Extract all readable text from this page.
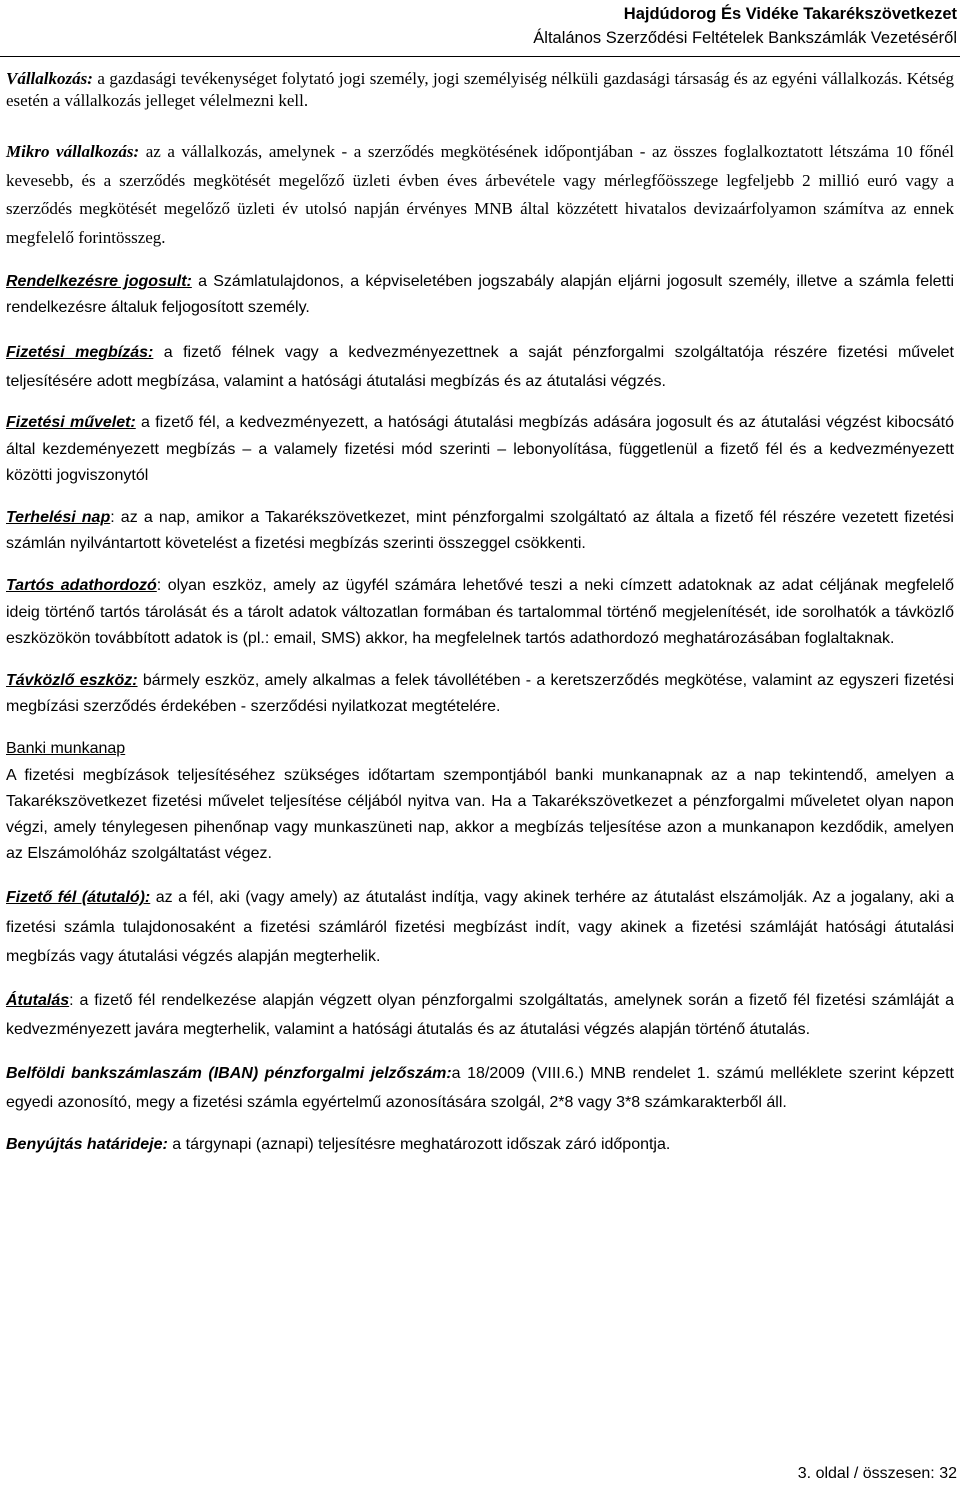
Hajdúdorog És Vidéke Takarékszövetkezet
Általános Szerződési Feltételek Bankszámlák Vezetéséről

Vállalkozás: a gazdasági tevékenységet folytató jogi személy, jogi személyiség nélküli gazdasági társaság és az egyéni vállalkozás. Kétség esetén a vállalkozás jelleget vélelmezni kell.

Mikro vállalkozás: az a vállalkozás, amelynek - a szerződés megkötésének időpontjában - az összes foglalkoztatott létszáma 10 főnél kevesebb, és a szerződés megkötését megelőző üzleti évben éves árbevétele vagy mérlegfőösszege legfeljebb 2 millió euró vagy a szerződés megkötését megelőző üzleti év utolsó napján érvényes MNB által közzétett hivatalos devizaárfolyamon számítva az ennek megfelelő forintösszeg.

Rendelkezésre jogosult: a Számlatulajdonos, a képviseletében jogszabály alapján eljárni jogosult személy, illetve a számla feletti rendelkezésre általuk feljogosított személy.

Fizetési megbízás: a fizető félnek vagy a kedvezményezettnek a saját pénzforgalmi szolgáltatója részére fizetési művelet teljesítésére adott megbízása, valamint a hatósági átutalási megbízás és az átutalási végzés.

Fizetési művelet: a fizető fél, a kedvezményezett, a hatósági átutalási megbízás adására jogosult és az átutalási végzést kibocsátó által kezdeményezett megbízás – a valamely fizetési mód szerinti – lebonyolítása, függetlenül a fizető fél és a kedvezményezett közötti jogviszonytól

Terhelési nap: az a nap, amikor a Takarékszövetkezet, mint pénzforgalmi szolgáltató az általa a fizető fél részére vezetett fizetési számlán nyilvántartott követelést a fizetési megbízás szerinti összeggel csökkenti.

Tartós adathordozó: olyan eszköz, amely az ügyfél számára lehetővé teszi a neki címzett adatoknak az adat céljának megfelelő ideig történő tartós tárolását és a tárolt adatok változatlan formában és tartalommal történő megjelenítését, ide sorolhatók a távközlő eszközökön továbbított adatok is (pl.: email, SMS) akkor, ha megfelelnek tartós adathordozó meghatározásában foglaltaknak.

Távközlő eszköz: bármely eszköz, amely alkalmas a felek távollétében - a keretszerződés megkötése, valamint az egyszeri fizetési megbízási szerződés érdekében - szerződési nyilatkozat megtételére.

Banki munkanap

A fizetési megbízások teljesítéséhez szükséges időtartam szempontjából banki munkanapnak az a nap tekintendő, amelyen a Takarékszövetkezet fizetési művelet teljesítése céljából nyitva van. Ha a Takarékszövetkezet a pénzforgalmi műveletet olyan napon végzi, amely ténylegesen pihenőnap vagy munkaszüneti nap, akkor a megbízás teljesítése azon a munkanapon kezdődik, amelyen az Elszámolóház szolgáltatást végez.

Fizető fél (átutaló): az a fél, aki (vagy amely) az átutalást indítja, vagy akinek terhére az átutalást elszámolják. Az a jogalany, aki a fizetési számla tulajdonosaként a fizetési számláról fizetési megbízást indít, vagy akinek a fizetési számláját hatósági átutalási megbízás vagy átutalási végzés alapján megterhelik.

Átutalás: a fizető fél rendelkezése alapján végzett olyan pénzforgalmi szolgáltatás, amelynek során a fizető fél fizetési számláját a kedvezményezett javára megterhelik, valamint a hatósági átutalás és az átutalási végzés alapján történő átutalás.

Belföldi bankszámlaszám (IBAN) pénzforgalmi jelzőszám:a 18/2009 (VIII.6.) MNB rendelet 1. számú melléklete szerint képzett egyedi azonosító, megy a fizetési számla egyértelmű azonosítására szolgál, 2*8 vagy 3*8 számkarakterből áll.

Benyújtás határideje: a tárgynapi (aznapi) teljesítésre meghatározott időszak záró időpontja.

3. oldal / összesen: 32
